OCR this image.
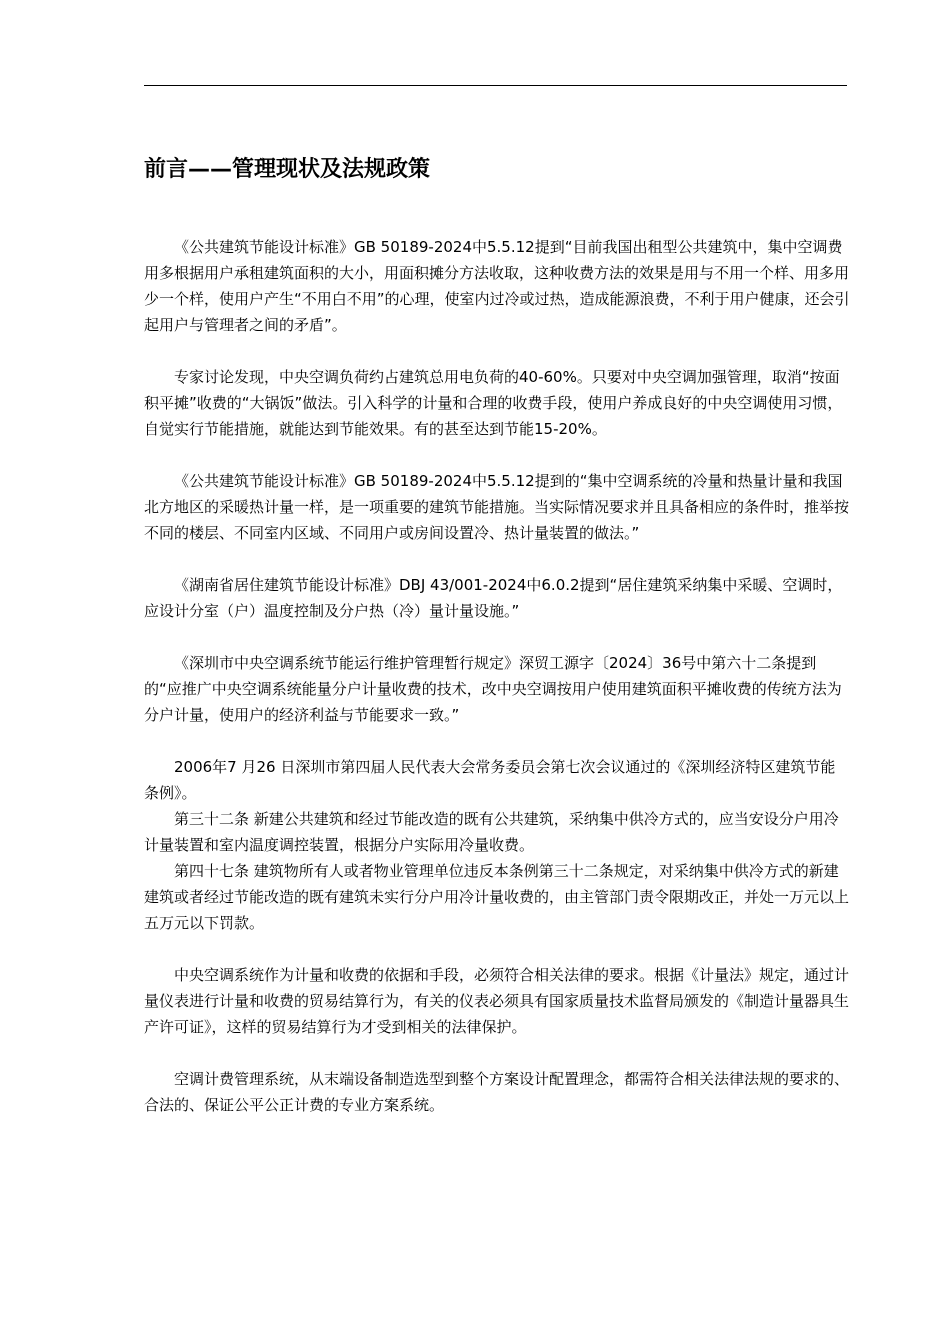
前言——管理现状及法规政策

《公共建筑节能设计标准》GB 50189-2024中5.5.12提到“目前我国出租型公共建筑中，集中空调费用多根据用户承租建筑面积的大小，用面积摊分方法收取，这种收费方法的效果是用与不用一个样、用多用少一个样，使用户产生“不用白不用”的心理，使室内过冷或过热，造成能源浪费，不利于用户健康，还会引起用户与管理者之间的矛盾”。

专家讨论发现，中央空调负荷约占建筑总用电负荷的40-60%。只要对中央空调加强管理，取消“按面积平摊”收费的“大锅饭”做法。引入科学的计量和合理的收费手段，使用户养成良好的中央空调使用习惯，自觉实行节能措施，就能达到节能效果。有的甚至达到节能15-20%。

《公共建筑节能设计标准》GB 50189-2024中5.5.12提到的“集中空调系统的冷量和热量计量和我国北方地区的采暖热计量一样，是一项重要的建筑节能措施。当实际情况要求并且具备相应的条件时，推举按不同的楼层、不同室内区域、不同用户或房间设置冷、热计量装置的做法。”

《湖南省居住建筑节能设计标准》DBJ 43/001-2024中6.0.2提到“居住建筑采纳集中采暖、空调时，应设计分室（户）温度控制及分户热（冷）量计量设施。”

《深圳市中央空调系统节能运行维护管理暂行规定》深贸工源字〔2024〕36号中第六十二条提到的“应推广中央空调系统能量分户计量收费的技术，改中央空调按用户使用建筑面积平摊收费的传统方法为分户计量，使用户的经济利益与节能要求一致。”

2006年7 月26 日深圳市第四届人民代表大会常务委员会第七次会议通过的《深圳经济特区建筑节能条例》。

第三十二条 新建公共建筑和经过节能改造的既有公共建筑，采纳集中供冷方式的，应当安设分户用冷计量装置和室内温度调控装置，根据分户实际用冷量收费。

第四十七条 建筑物所有人或者物业管理单位违反本条例第三十二条规定，对采纳集中供冷方式的新建建筑或者经过节能改造的既有建筑未实行分户用冷计量收费的，由主管部门责令限期改正，并处一万元以上五万元以下罚款。

中央空调系统作为计量和收费的依据和手段，必须符合相关法律的要求。根据《计量法》规定，通过计量仪表进行计量和收费的贸易结算行为，有关的仪表必须具有国家质量技术监督局颁发的《制造计量器具生产许可证》，这样的贸易结算行为才受到相关的法律保护。

空调计费管理系统，从末端设备制造选型到整个方案设计配置理念，都需符合相关法律法规的要求的、合法的、保证公平公正计费的专业方案系统。
